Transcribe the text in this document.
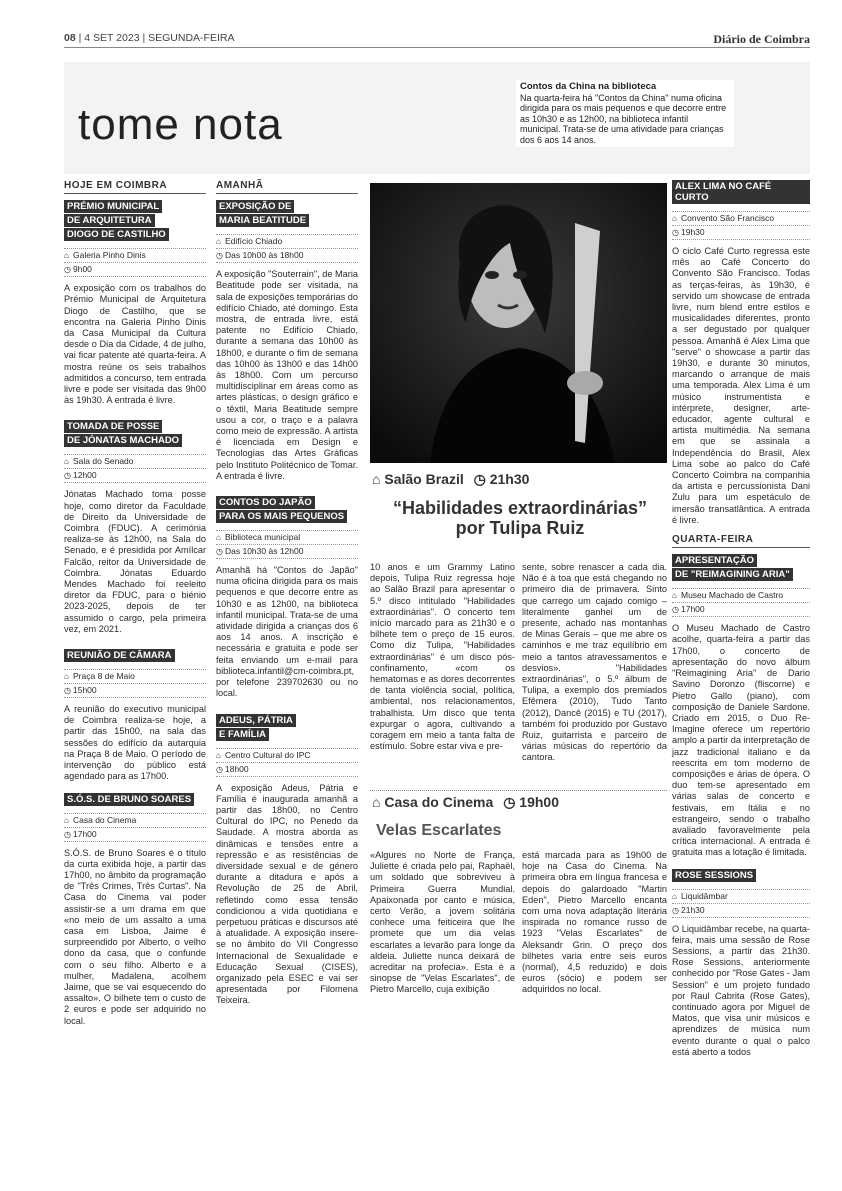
08 | 4 SET 2023 | SEGUNDA-FEIRA	Diário de Coimbra

tome nota
Contos da China na biblioteca
Na quarta-feira há "Contos da China" numa oficina dirigida para os mais pequenos e que decorre entre as 10h30 e as 12h00, na biblioteca infantil municipal. Trata-se de uma atividade para crianças dos 6 aos 14 anos.
HOJE EM COIMBRA
PRÉMIO MUNICIPAL
DE ARQUITETURA
DIOGO DE CASTILHO
⌂ Galeria Pinho Dinis
◷ 9h00

A exposição com os trabalhos do Prémio Municipal de Arquitetura Diogo de Castilho, que se encontra na Galeria Pinho Dinis da Casa Municipal da Cultura desde o Dia da Cidade, 4 de julho, vai ficar patente até quarta-feira. A mostra reúne os seis trabalhos admitidos a concurso, tem entrada livre e pode ser visitada das 9h00 às 19h30. A entrada é livre.

TOMADA DE POSSE
DE JÓNATAS MACHADO
⌂ Sala do Senado
◷ 12h00

Jónatas Machado toma posse hoje, como diretor da Faculdade de Direito da Universidade de Coimbra (FDUC). A cerimónia realiza-se às 12h00, na Sala do Senado, e é presidida por Amílcar Falcão, reitor da Universidade de Coimbra. Jónatas Eduardo Mendes Machado foi reeleito diretor da FDUC, para o biénio 2023-2025, depois de ter assumido o cargo, pela primeira vez, em 2021.

REUNIÃO DE CÂMARA
⌂ Praça 8 de Maio
◷ 15h00

A reunião do executivo municipal de Coimbra realiza-se hoje, a partir das 15h00, na sala das sessões do edifício da autarquia na Praça 8 de Maio. O período de intervenção do público está agendado para as 17h00.

S.Ó.S. DE BRUNO SOARES
⌂ Casa do Cinema
◷ 17h00

S.Ó.S. de Bruno Soares é o título da curta exibida hoje, a partir das 17h00, no âmbito da programação de "Três Crimes, Três Curtas". Na Casa do Cinema vai poder assistir-se a um drama em que «no meio de um assalto a uma casa em Lisboa, Jaime é surpreendido por Alberto, o velho dono da casa, que o confunde com o seu filho. Alberto e a mulher, Madalena, acolhem Jaime, que se vai esquecendo do assalto». O bilhete tem o custo de 2 euros e pode ser adquirido no local.

AMANHÃ
EXPOSIÇÃO DE
MARIA BEATITUDE
⌂ Edifício Chiado
◷ Das 10h00 às 18h00

A exposição "Souterrain", de Maria Beatitude pode ser visitada, na sala de exposições temporárias do edifício Chiado, até domingo. Esta mostra, de entrada livre, está patente no Edifício Chiado, durante a semana das 10h00 às 18h00, e durante o fim de semana das 10h00 às 13h00 e das 14h00 às 18h00. Com um percurso multidisciplinar em áreas como as artes plásticas, o design gráfico e o têxtil, Maria Beatitude sempre usou a cor, o traço e a palavra como meio de expressão. A artista é licenciada em Design e Tecnologias das Artes Gráficas pelo Instituto Politécnico de Tomar. A entrada é livre.

CONTOS DO JAPÃO
PARA OS MAIS PEQUENOS
⌂ Biblioteca municipal
◷ Das 10h30 às 12h00

Amanhã há "Contos do Japão" numa oficina dirigida para os mais pequenos e que decorre entre as 10h30 e as 12h00, na biblioteca infantil municipal. Trata-se de uma atividade dirigida a crianças dos 6 aos 14 anos. A inscrição é necessária e gratuita e pode ser feita enviando um e-mail para biblioteca.infantil@cm-coimbra.pt, por telefone 239702630 ou no local.

ADEUS, PÁTRIA
E FAMÍLIA
⌂ Centro Cultural do IPC
◷ 18h00

A exposição Adeus, Pátria e Família é inaugurada amanhã a partir das 18h00, no Centro Cultural do IPC, no Penedo da Saudade. A mostra aborda as dinâmicas e tensões entre a repressão e as resistências de diversidade sexual e de género durante a ditadura e após a Revolução de 25 de Abril, refletindo como essa tensão condicionou a vida quotidiana e perpetuou práticas e discursos até à atualidade. A exposição insere-se no âmbito do VII Congresso Internacional de Sexualidade e Educação Sexual (CISES), organizado pela ESEC e vai ser apresentada por Filomena Teixeira.

⌂ Salão Brazil ◷ 21h30
“Habilidades extraordinárias”
por Tulipa Ruiz

10 anos e um Grammy Latino depois, Tulipa Ruiz regressa hoje ao Salão Brazil para apresentar o 5.º disco intitulado "Habilidades extraordinárias". O concerto tem início marcado para as 21h30 e o bilhete tem o preço de 15 euros. Como diz Tulipa, "Habilidades extraordinárias" é um disco pós-confinamento, «com os hematomas e as dores decorrentes de tanta violência social, política, ambiental, nos relacionamentos, trabalhista. Um disco que tenta expurgar o agora, cultivando a coragem em meio a tanta falta de estímulo. Sobre estar viva e pre-

sente, sobre renascer a cada dia. Não é à toa que está chegando no primeiro dia de primavera. Sinto que carrego um cajado comigo – literalmente ganhei um de presente, achado nas montanhas de Minas Gerais – que me abre os caminhos e me traz equilíbrio em meio a tantos atravessamentos e desvios». "Habilidades extraordinárias", o 5.º álbum de Tulipa, a exemplo dos premiados Efêmera (2010), Tudo Tanto (2012), Dancê (2015) e TU (2017), também foi produzido por Gustavo Ruiz, guitarrista e parceiro de várias músicas do repertório da cantora.

⌂ Casa do Cinema ◷ 19h00
Velas Escarlates

«Algures no Norte de França, Juliette é criada pelo pai, Raphaël, um soldado que sobreviveu à Primeira Guerra Mundial. Apaixonada por canto e música, certo Verão, a jovem solitária conhece uma feiticeira que lhe promete que um dia velas escarlates a levarão para longe da aldeia. Juliette nunca deixará de acreditar na profecia». Esta é a sinopse de "Velas Escarlates", de Pietro Marcello, cuja exibição

está marcada para as 19h00 de hoje na Casa do Cinema. Na primeira obra em língua francesa e depois do galardoado "Martin Eden", Pietro Marcello encanta com uma nova adaptação literária inspirada no romance russo de 1923 "Velas Escarlates" de Aleksandr Grin. O preço dos bilhetes varia entre seis euros (normal), 4,5 reduzido) e dois euros (sócio) e podem ser adquiridos no local.

ALEX LIMA NO CAFÉ CURTO
⌂ Convento São Francisco
◷ 19h30

O ciclo Café Curto regressa este mês ao Café Concerto do Convento São Francisco. Todas as terças-feiras, às 19h30, é servido um showcase de entrada livre, num blend entre estilos e musicalidades diferentes, pronto a ser degustado por qualquer pessoa. Amanhã é Alex Lima que "serve" o showcase a partir das 19h30, e durante 30 minutos, marcando o arranque de mais uma temporada. Alex Lima é um músico instrumentista e intérprete, designer, arte-educador, agente cultural e artista multimédia. Na semana em que se assinala a Independência do Brasil, Alex Lima sobe ao palco do Café Concerto Coimbra na companhia da artista e percussionista Dani Zulu para um espetáculo de imersão transatlântica. A entrada é livre.

QUARTA-FEIRA
APRESENTAÇÃO
DE "REIMAGINING ARIA"
⌂ Museu Machado de Castro
◷ 17h00

O Museu Machado de Castro acolhe, quarta-feira a partir das 17h00, o concerto de apresentação do novo álbum "Reimagining Aria" de Dario Savino Doronzo (fliscorne) e Pietro Gallo (piano), com composição de Daniele Sardone. Criado em 2015, o Duo Re-Imagine oferece um repertório amplo a partir da interpretação de jazz tradicional italiano e da reescrita em tom moderno de composições e árias de ópera. O duo tem-se apresentado em várias salas de concerto e festivais, em Itália e no estrangeiro, sendo o trabalho avaliado favoravelmente pela crítica internacional. A entrada é gratuita mas a lotação é limitada.

ROSE SESSIONS
⌂ Liquidâmbar
◷ 21h30

O Liquidâmbar recebe, na quarta-feira, mais uma sessão de Rose Sessions, a partir das 21h30. Rose Sessions, anteriormente conhecido por "Rose Gates - Jam Session" é um projeto fundado por Raul Cabrita (Rose Gates), continuado agora por Miguel de Matos, que visa unir músicos e aprendizes de música num evento durante o qual o palco está aberto a todos
